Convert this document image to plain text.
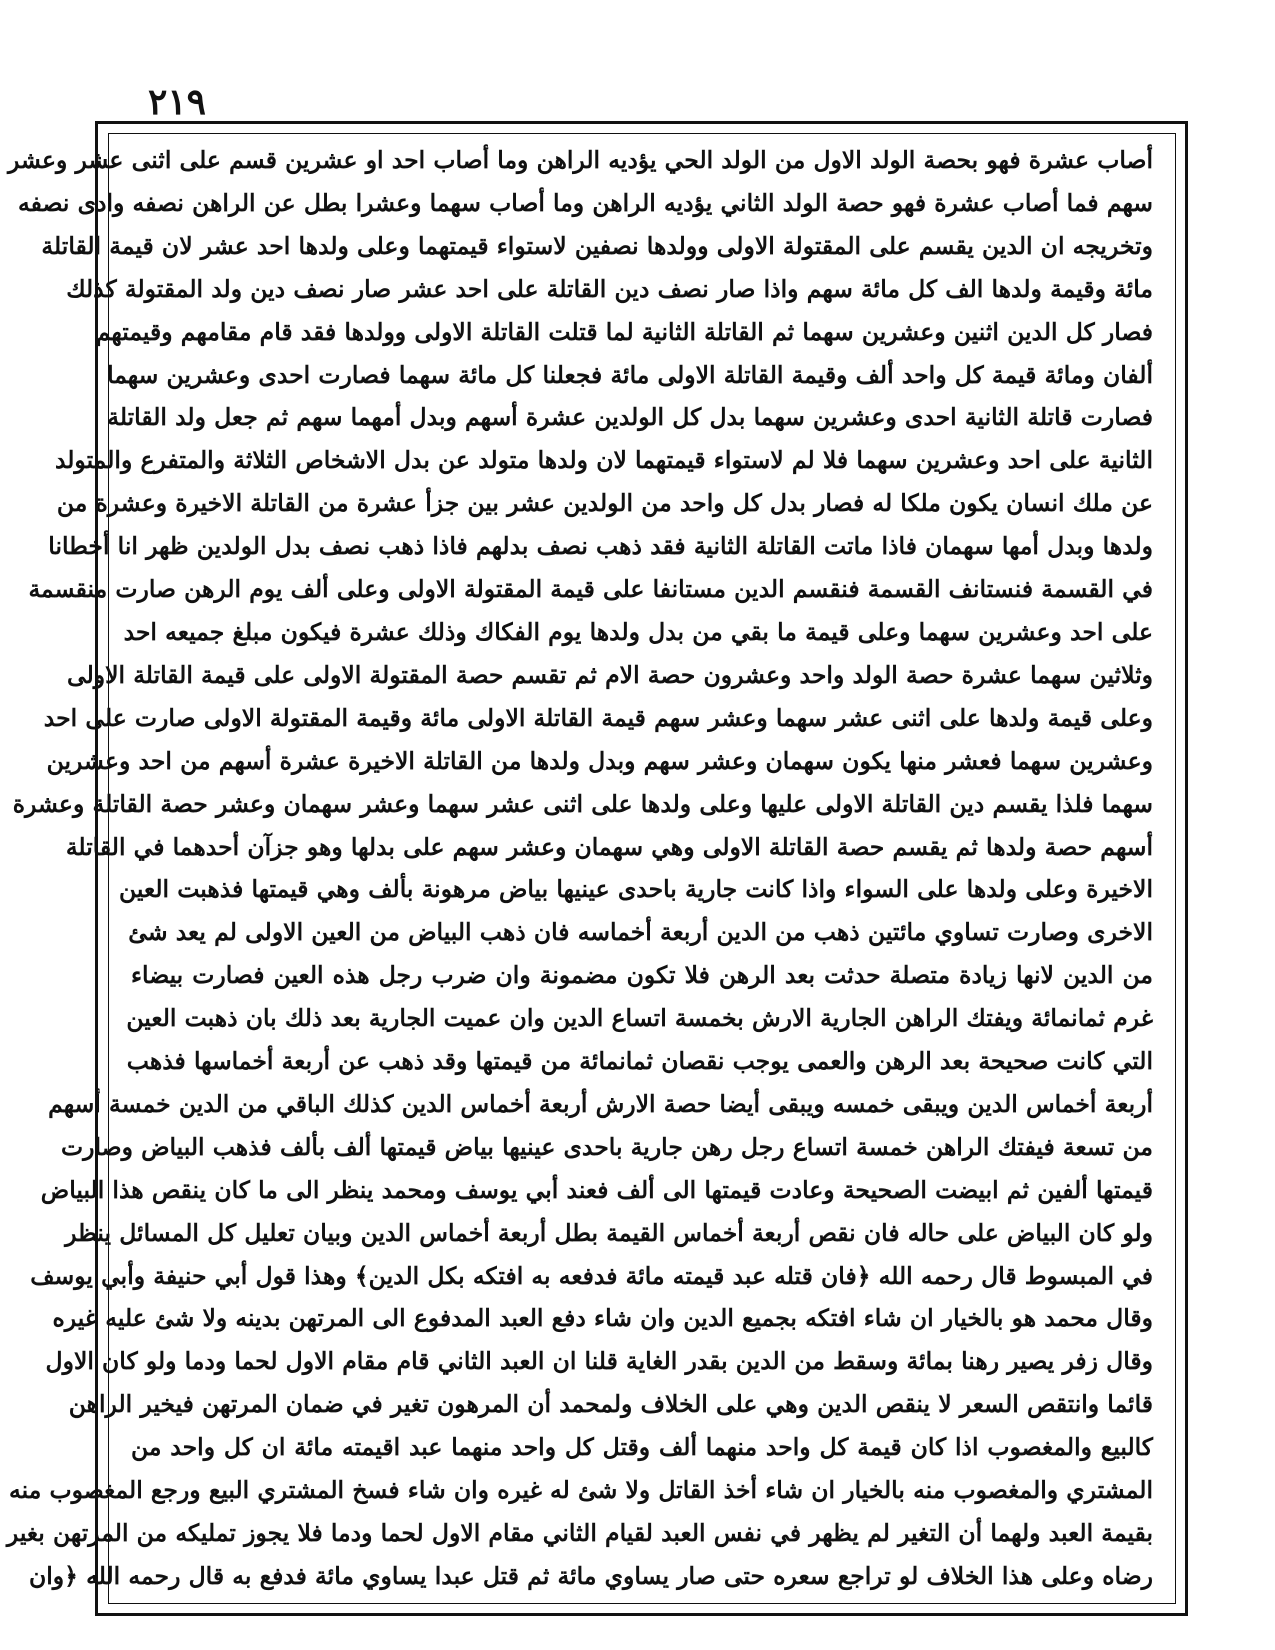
٢١٩
أصاب عشرة فهو بحصة الولد الاول من الولد الحي يؤديه الراهن وما أصاب احد او عشرين قسم على اثنى عشر وعشر
سهم فما أصاب عشرة فهو حصة الولد الثاني يؤديه الراهن وما أصاب سهما وعشرا بطل عن الراهن نصفه وادى نصفه
وتخريجه ان الدين يقسم على المقتولة الاولى وولدها نصفين لاستواء قيمتهما وعلى ولدها احد عشر لان قيمة القاتلة
مائة وقيمة ولدها الف كل مائة سهم واذا صار نصف دين القاتلة على احد عشر صار نصف دين ولد المقتولة كذلك
فصار كل الدين اثنين وعشرين سهما ثم القاتلة الثانية لما قتلت القاتلة الاولى وولدها فقد قام مقامهم وقيمتهم
ألفان ومائة قيمة كل واحد ألف وقيمة القاتلة الاولى مائة فجعلنا كل مائة سهما فصارت احدى وعشرين سهما
فصارت قاتلة الثانية احدى وعشرين سهما بدل كل الولدين عشرة أسهم وبدل أمهما سهم ثم جعل ولد القاتلة
الثانية على احد وعشرين سهما فلا لم لاستواء قيمتهما لان ولدها متولد عن بدل الاشخاص الثلاثة والمتفرع والمتولد
عن ملك انسان يكون ملكا له فصار بدل كل واحد من الولدين عشر بين جزأ عشرة من القاتلة الاخيرة وعشرة من
ولدها وبدل أمها سهمان فاذا ماتت القاتلة الثانية فقد ذهب نصف بدلهم فاذا ذهب نصف بدل الولدين ظهر انا أخطانا
في القسمة فنستانف القسمة فنقسم الدين مستانفا على قيمة المقتولة الاولى وعلى ألف يوم الرهن صارت منقسمة
على احد وعشرين سهما وعلى قيمة ما بقي من بدل ولدها يوم الفكاك وذلك عشرة فيكون مبلغ جميعه احد
وثلاثين سهما عشرة حصة الولد واحد وعشرون حصة الام ثم تقسم حصة المقتولة الاولى على قيمة القاتلة الاولى
وعلى قيمة ولدها على اثنى عشر سهما وعشر سهم قيمة القاتلة الاولى مائة وقيمة المقتولة الاولى صارت على احد
وعشرين سهما فعشر منها يكون سهمان وعشر سهم وبدل ولدها من القاتلة الاخيرة عشرة أسهم من احد وعشرين
سهما فلذا يقسم دين القاتلة الاولى عليها وعلى ولدها على اثنى عشر سهما وعشر سهمان وعشر حصة القاتلة وعشرة
أسهم حصة ولدها ثم يقسم حصة القاتلة الاولى وهي سهمان وعشر سهم على بدلها وهو جزآن أحدهما في القاتلة
الاخيرة وعلى ولدها على السواء واذا كانت جارية باحدى عينيها بياض مرهونة بألف وهي قيمتها فذهبت العين
الاخرى وصارت تساوي مائتين ذهب من الدين أربعة أخماسه فان ذهب البياض من العين الاولى لم يعد شئ
من الدين لانها زيادة متصلة حدثت بعد الرهن فلا تكون مضمونة وان ضرب رجل هذه العين فصارت بيضاء
غرم ثمانمائة ويفتك الراهن الجارية الارش بخمسة اتساع الدين وان عميت الجارية بعد ذلك بان ذهبت العين
التي كانت صحيحة بعد الرهن والعمى يوجب نقصان ثمانمائة من قيمتها وقد ذهب عن أربعة أخماسها فذهب
أربعة أخماس الدين ويبقى خمسه ويبقى أيضا حصة الارش أربعة أخماس الدين كذلك الباقي من الدين خمسة أسهم
من تسعة فيفتك الراهن خمسة اتساع رجل رهن جارية باحدى عينيها بياض قيمتها ألف بألف فذهب البياض وصارت
قيمتها ألفين ثم ابيضت الصحيحة وعادت قيمتها الى ألف فعند أبي يوسف ومحمد ينظر الى ما كان ينقص هذا البياض
ولو كان البياض على حاله فان نقص أربعة أخماس القيمة بطل أربعة أخماس الدين وبيان تعليل كل المسائل ينظر
في المبسوط قال رحمه الله ﴿فان قتله عبد قيمته مائة فدفعه به افتكه بكل الدين﴾ وهذا قول أبي حنيفة وأبي يوسف
وقال محمد هو بالخيار ان شاء افتكه بجميع الدين وان شاء دفع العبد المدفوع الى المرتهن بدينه ولا شئ عليه غيره
وقال زفر يصير رهنا بمائة وسقط من الدين بقدر الغاية قلنا ان العبد الثاني قام مقام الاول لحما ودما ولو كان الاول
قائما وانتقص السعر لا ينقص الدين وهي على الخلاف ولمحمد أن المرهون تغير في ضمان المرتهن فيخير الراهن
كالبيع والمغصوب اذا كان قيمة كل واحد منهما ألف وقتل كل واحد منهما عبد اقيمته مائة ان كل واحد من
المشتري والمغصوب منه بالخيار ان شاء أخذ القاتل ولا شئ له غيره وان شاء فسخ المشتري البيع ورجع المغصوب منه
بقيمة العبد ولهما أن التغير لم يظهر في نفس العبد لقيام الثاني مقام الاول لحما ودما فلا يجوز تمليكه من المرتهن بغير
رضاه وعلى هذا الخلاف لو تراجع سعره حتى صار يساوي مائة ثم قتل عبدا يساوي مائة فدفع به قال رحمه الله ﴿وان
